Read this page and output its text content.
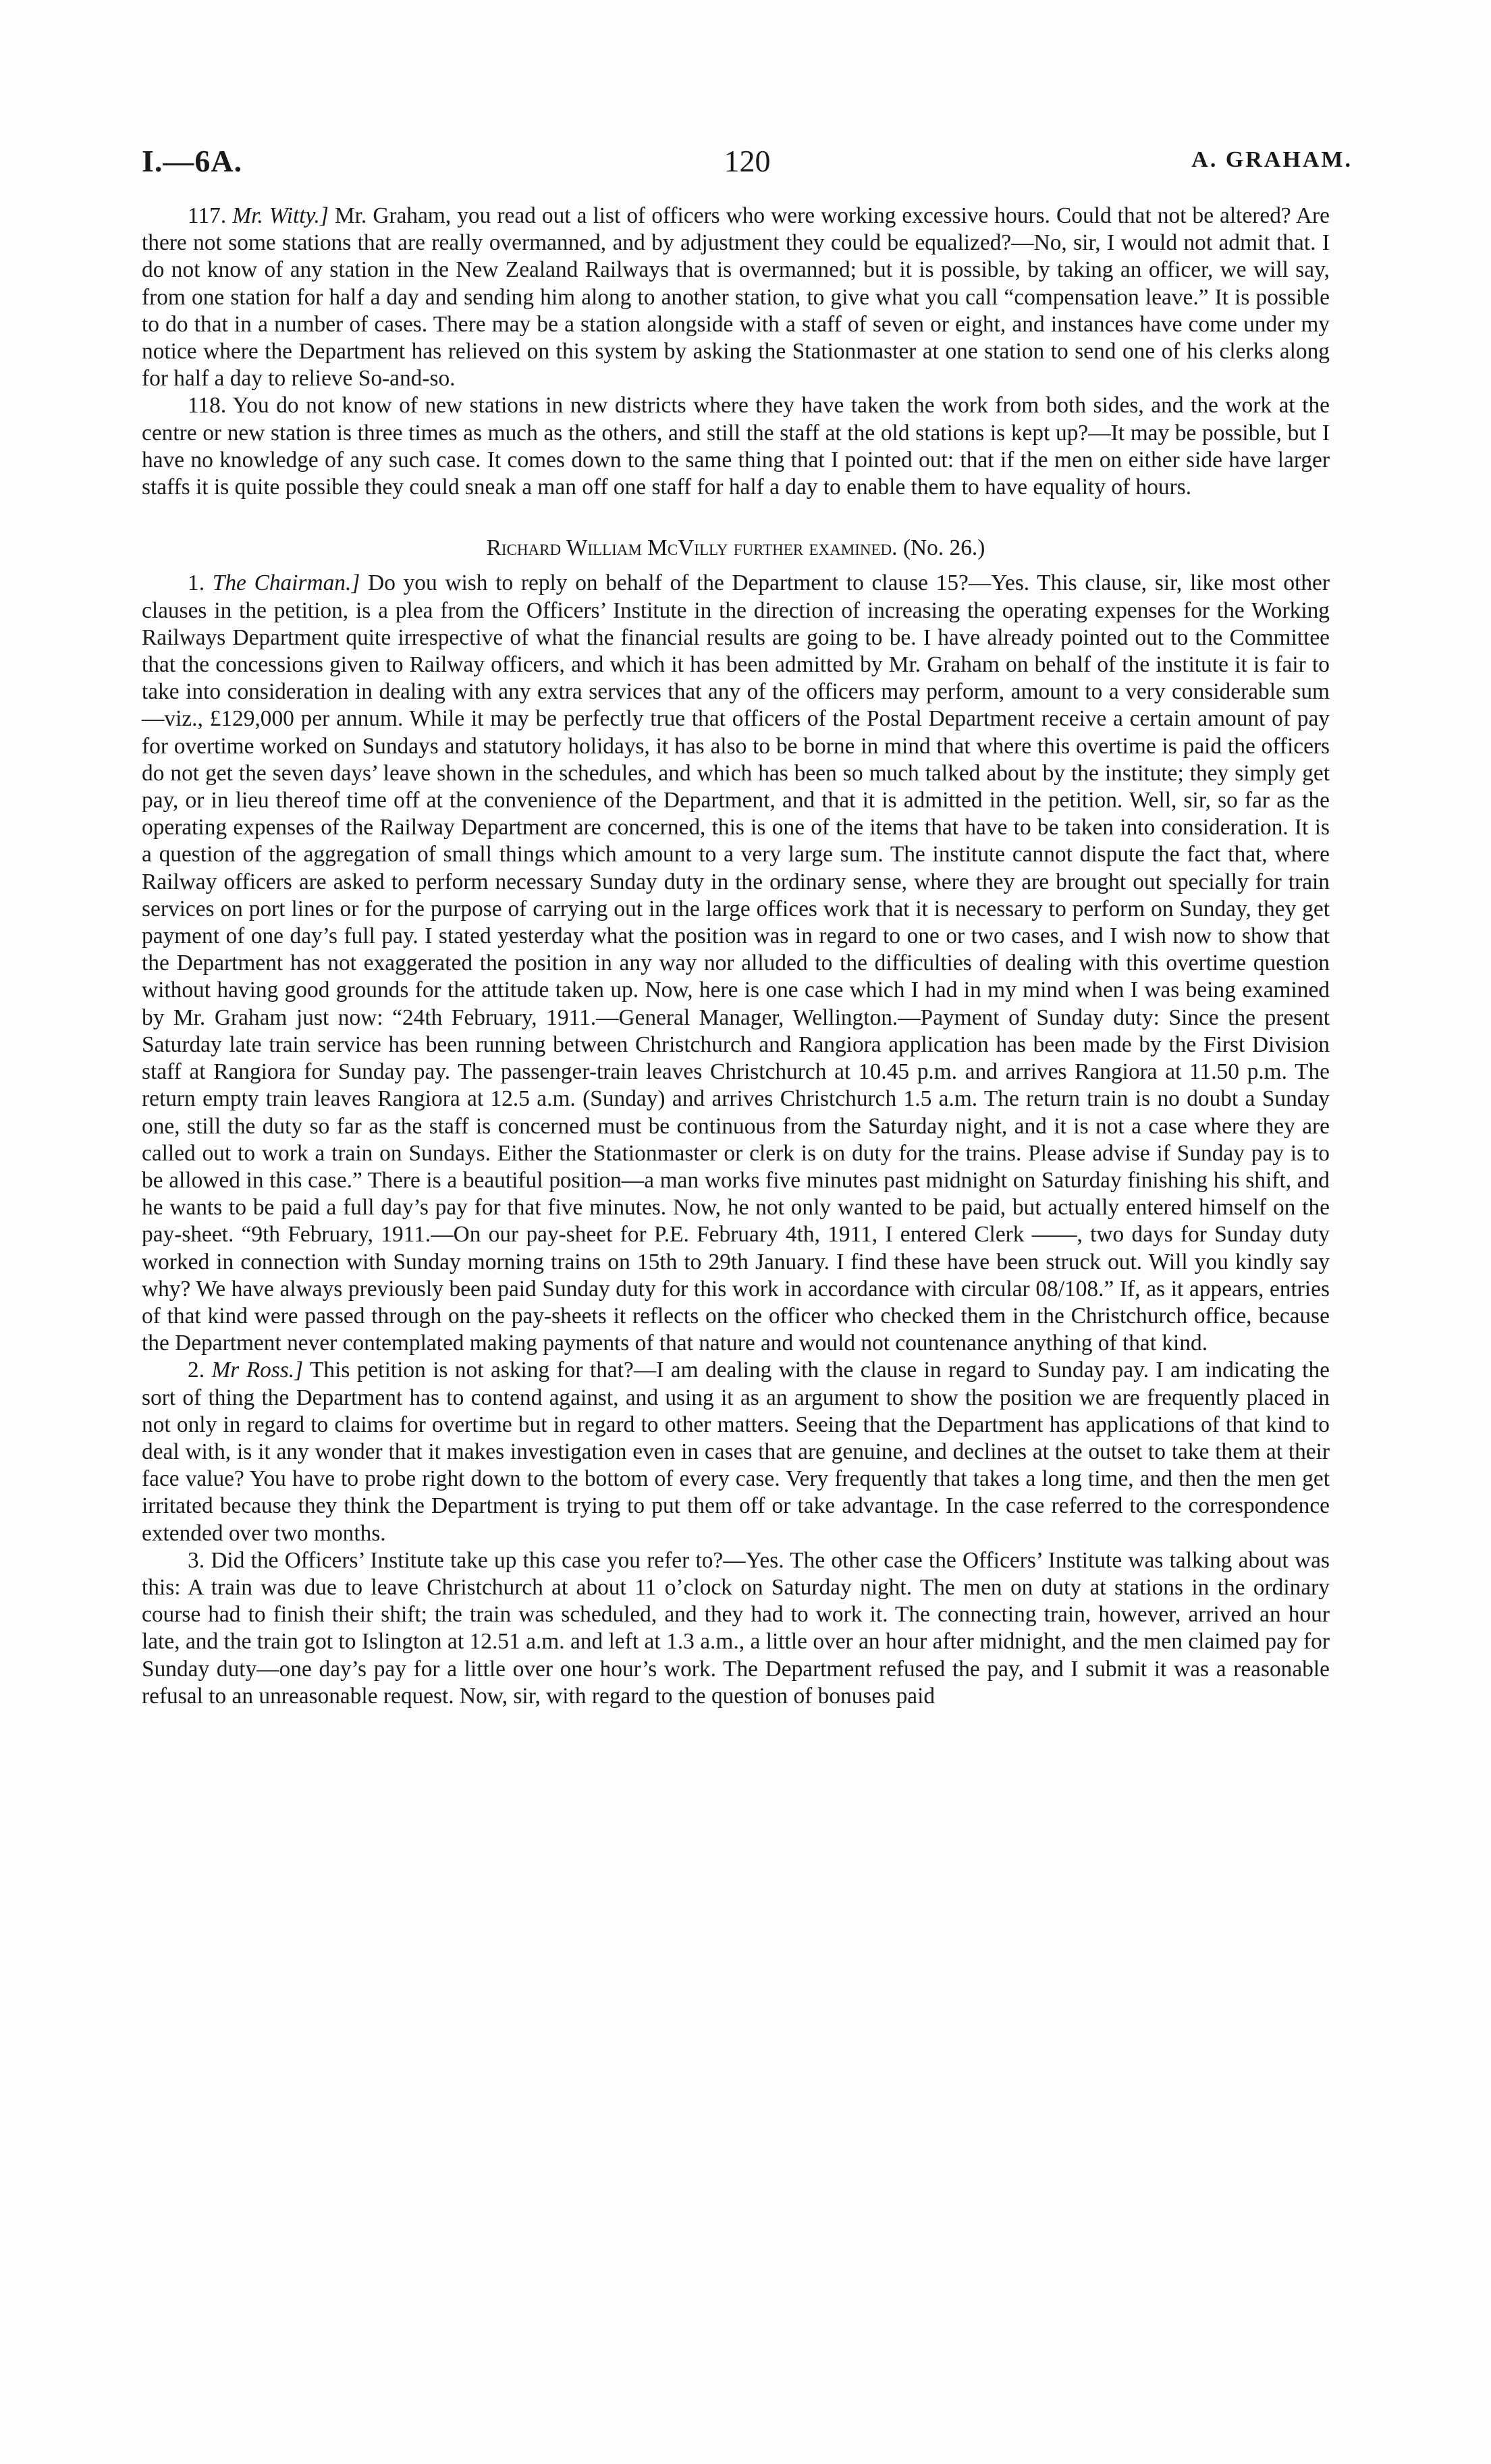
I.—6A.	120	A. GRAHAM.

117. Mr. Witty.] Mr. Graham, you read out a list of officers who were working excessive hours. Could that not be altered? Are there not some stations that are really overmanned, and by adjustment they could be equalized?—No, sir, I would not admit that. I do not know of any station in the New Zealand Railways that is overmanned; but it is possible, by taking an officer, we will say, from one station for half a day and sending him along to another station, to give what you call “compensation leave.” It is possible to do that in a number of cases. There may be a station alongside with a staff of seven or eight, and instances have come under my notice where the Department has relieved on this system by asking the Stationmaster at one station to send one of his clerks along for half a day to relieve So-and-so.

118. You do not know of new stations in new districts where they have taken the work from both sides, and the work at the centre or new station is three times as much as the others, and still the staff at the old stations is kept up?—It may be possible, but I have no knowledge of any such case. It comes down to the same thing that I pointed out: that if the men on either side have larger staffs it is quite possible they could sneak a man off one staff for half a day to enable them to have equality of hours.

Richard William McVilly further examined. (No. 26.)

1. The Chairman.] Do you wish to reply on behalf of the Department to clause 15?—Yes. This clause, sir, like most other clauses in the petition, is a plea from the Officers’ Institute in the direction of increasing the operating expenses for the Working Railways Department quite irrespective of what the financial results are going to be. I have already pointed out to the Committee that the concessions given to Railway officers, and which it has been admitted by Mr. Graham on behalf of the institute it is fair to take into consideration in dealing with any extra services that any of the officers may perform, amount to a very considerable sum—viz., £129,000 per annum. While it may be perfectly true that officers of the Postal Department receive a certain amount of pay for overtime worked on Sundays and statutory holidays, it has also to be borne in mind that where this overtime is paid the officers do not get the seven days’ leave shown in the schedules, and which has been so much talked about by the institute; they simply get pay, or in lieu thereof time off at the convenience of the Department, and that it is admitted in the petition. Well, sir, so far as the operating expenses of the Railway Department are concerned, this is one of the items that have to be taken into consideration. It is a question of the aggregation of small things which amount to a very large sum. The institute cannot dispute the fact that, where Railway officers are asked to perform necessary Sunday duty in the ordinary sense, where they are brought out specially for train services on port lines or for the purpose of carrying out in the large offices work that it is necessary to perform on Sunday, they get payment of one day’s full pay. I stated yesterday what the position was in regard to one or two cases, and I wish now to show that the Department has not exaggerated the position in any way nor alluded to the difficulties of dealing with this overtime question without having good grounds for the attitude taken up. Now, here is one case which I had in my mind when I was being examined by Mr. Graham just now: “24th February, 1911.—General Manager, Wellington.—Payment of Sunday duty: Since the present Saturday late train service has been running between Christchurch and Rangiora application has been made by the First Division staff at Rangiora for Sunday pay. The passenger-train leaves Christchurch at 10.45 p.m. and arrives Rangiora at 11.50 p.m. The return empty train leaves Rangiora at 12.5 a.m. (Sunday) and arrives Christchurch 1.5 a.m. The return train is no doubt a Sunday one, still the duty so far as the staff is concerned must be continuous from the Saturday night, and it is not a case where they are called out to work a train on Sundays. Either the Stationmaster or clerk is on duty for the trains. Please advise if Sunday pay is to be allowed in this case.” There is a beautiful position—a man works five minutes past midnight on Saturday finishing his shift, and he wants to be paid a full day’s pay for that five minutes. Now, he not only wanted to be paid, but actually entered himself on the pay-sheet. “9th February, 1911.—On our pay-sheet for P.E. February 4th, 1911, I entered Clerk ——, two days for Sunday duty worked in connection with Sunday morning trains on 15th to 29th January. I find these have been struck out. Will you kindly say why? We have always previously been paid Sunday duty for this work in accordance with circular 08/108.” If, as it appears, entries of that kind were passed through on the pay-sheets it reflects on the officer who checked them in the Christchurch office, because the Department never contemplated making payments of that nature and would not countenance anything of that kind.

2. Mr Ross.] This petition is not asking for that?—I am dealing with the clause in regard to Sunday pay. I am indicating the sort of thing the Department has to contend against, and using it as an argument to show the position we are frequently placed in not only in regard to claims for overtime but in regard to other matters. Seeing that the Department has applications of that kind to deal with, is it any wonder that it makes investigation even in cases that are genuine, and declines at the outset to take them at their face value? You have to probe right down to the bottom of every case. Very frequently that takes a long time, and then the men get irritated because they think the Department is trying to put them off or take advantage. In the case referred to the correspondence extended over two months.

3. Did the Officers’ Institute take up this case you refer to?—Yes. The other case the Officers’ Institute was talking about was this: A train was due to leave Christchurch at about 11 o’clock on Saturday night. The men on duty at stations in the ordinary course had to finish their shift; the train was scheduled, and they had to work it. The connecting train, however, arrived an hour late, and the train got to Islington at 12.51 a.m. and left at 1.3 a.m., a little over an hour after midnight, and the men claimed pay for Sunday duty—one day’s pay for a little over one hour’s work. The Department refused the pay, and I submit it was a reasonable refusal to an unreasonable request. Now, sir, with regard to the question of bonuses paid
